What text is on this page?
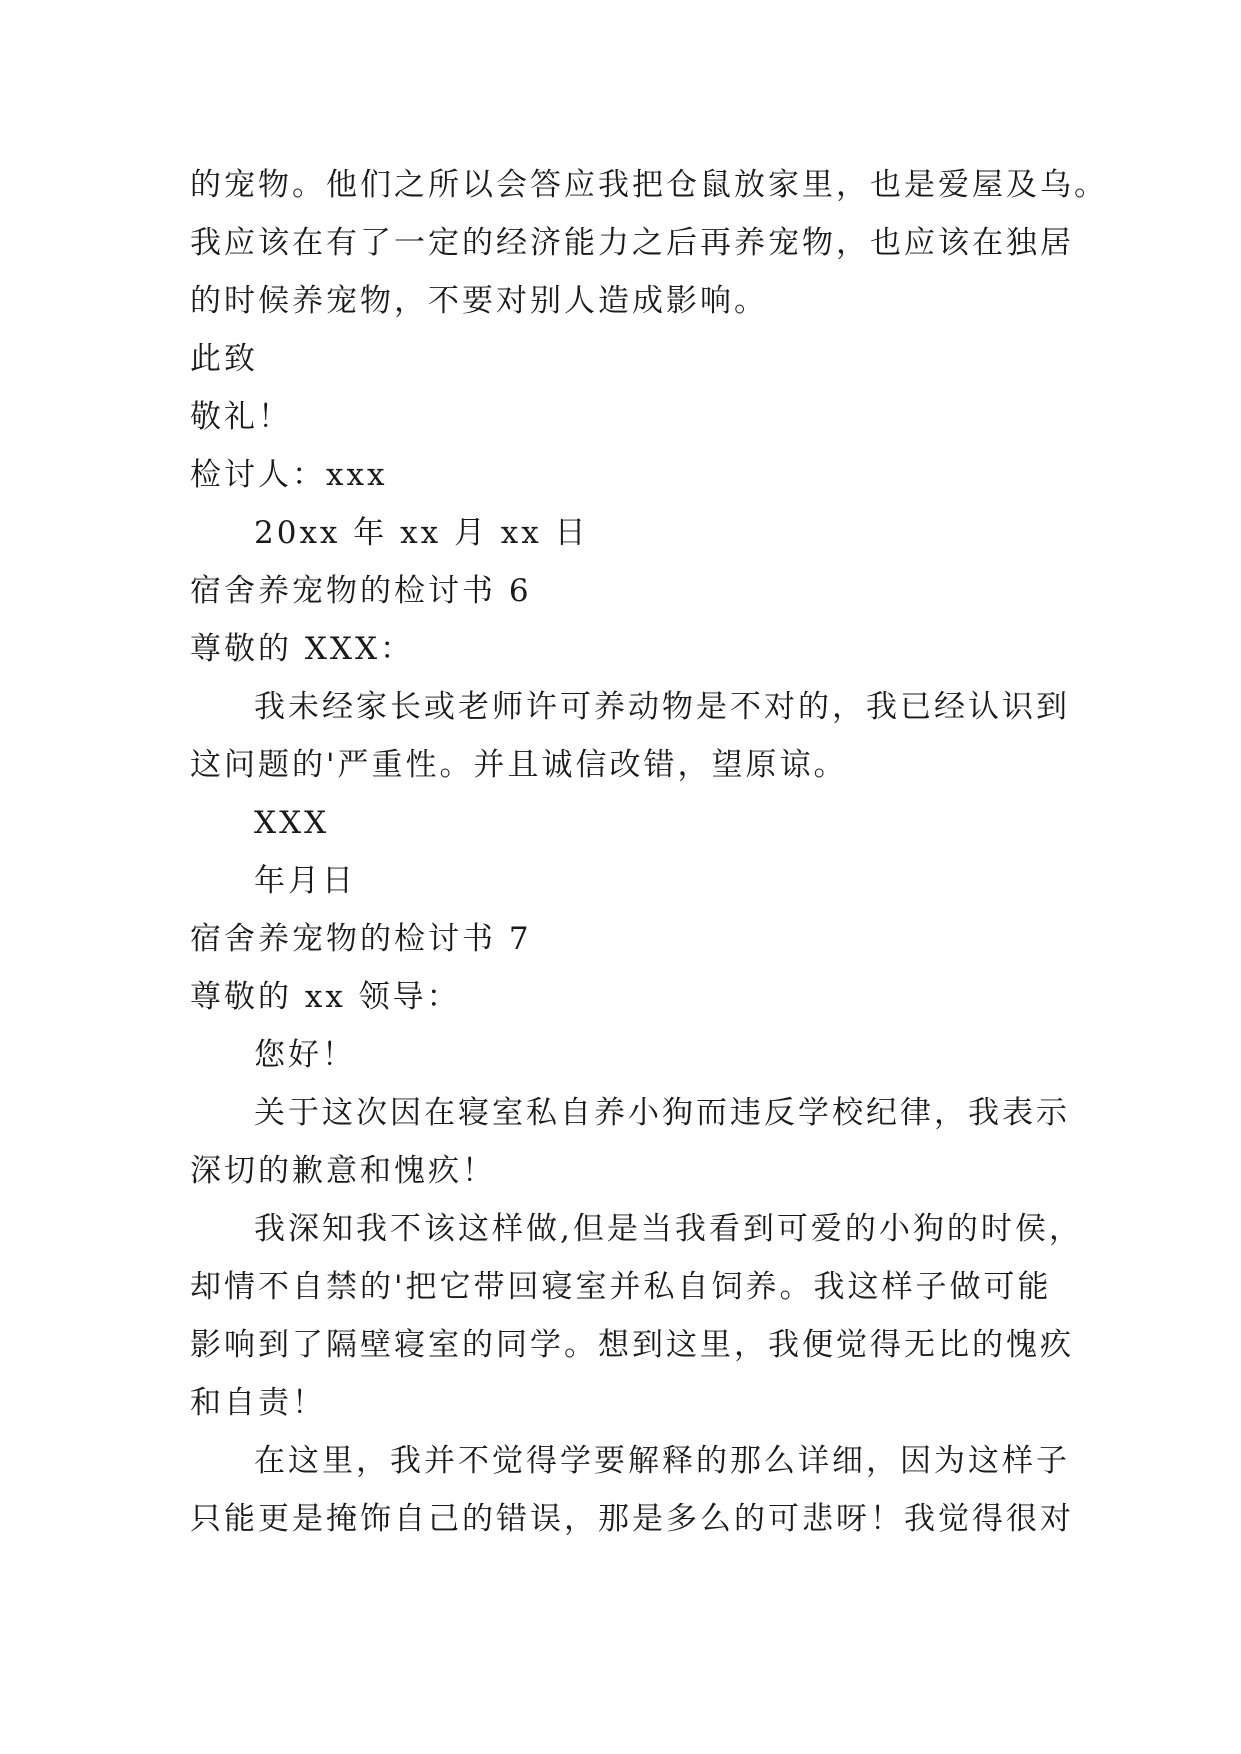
的宠物。他们之所以会答应我把仓鼠放家里，也是爱屋及乌。
我应该在有了一定的经济能力之后再养宠物，也应该在独居
的时候养宠物，不要对别人造成影响。
此致
敬礼！
检讨人：xxx
20xx 年 xx 月 xx 日
宿舍养宠物的检讨书 6
尊敬的 XXX：
我未经家长或老师许可养动物是不对的，我已经认识到
这问题的'严重性。并且诚信改错，望原谅。
XXX
年月日
宿舍养宠物的检讨书 7
尊敬的 xx 领导：
您好！
关于这次因在寝室私自养小狗而违反学校纪律，我表示
深切的歉意和愧疚！
我深知我不该这样做,但是当我看到可爱的小狗的时侯，
却情不自禁的'把它带回寝室并私自饲养。我这样子做可能
影响到了隔壁寝室的同学。想到这里，我便觉得无比的愧疚
和自责！
在这里，我并不觉得学要解释的那么详细，因为这样子
只能更是掩饰自己的错误，那是多么的可悲呀！我觉得很对
